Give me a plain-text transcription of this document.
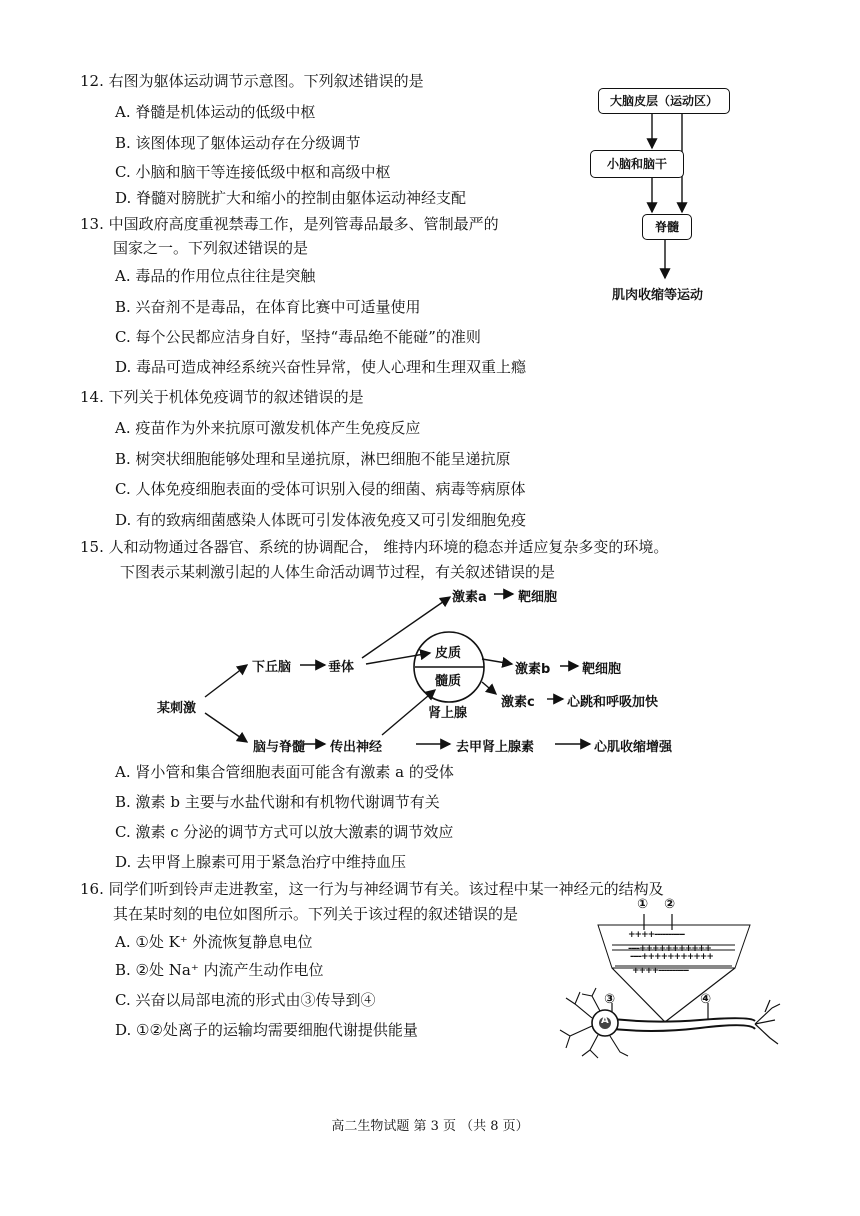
12. 右图为躯体运动调节示意图。下列叙述错误的是
A. 脊髓是机体运动的低级中枢
B. 该图体现了躯体运动存在分级调节
C. 小脑和脑干等连接低级中枢和高级中枢
D. 脊髓对膀胱扩大和缩小的控制由躯体运动神经支配
大脑皮层（运动区）
小脑和脑干
脊髓
肌肉收缩等运动
13. 中国政府高度重视禁毒工作，是列管毒品最多、管制最严的
国家之一。下列叙述错误的是
A. 毒品的作用位点往往是突触
B. 兴奋剂不是毒品，在体育比赛中可适量使用
C. 每个公民都应洁身自好，坚持“毒品绝不能碰”的准则
D. 毒品可造成神经系统兴奋性异常，使人心理和生理双重上瘾
14. 下列关于机体免疫调节的叙述错误的是
A. 疫苗作为外来抗原可激发机体产生免疫反应
B. 树突状细胞能够处理和呈递抗原，淋巴细胞不能呈递抗原
C. 人体免疫细胞表面的受体可识别入侵的细菌、病毒等病原体
D. 有的致病细菌感染人体既可引发体液免疫又可引发细胞免疫
15. 人和动物通过各器官、系统的协调配合， 维持内环境的稳态并适应复杂多变的环境。
下图表示某刺激引起的人体生命活动调节过程，有关叙述错误的是
某刺激
下丘脑	垂体
皮质
髓质
肾上腺
激素a 靶细胞
激素b 靶细胞
激素c 心跳和呼吸加快
脑与脊髓 传出神经	去甲肾上腺素	心肌收缩增强
A. 肾小管和集合管细胞表面可能含有激素 a 的受体
B. 激素 b 主要与水盐代谢和有机物代谢调节有关
C. 激素 c 分泌的调节方式可以放大激素的调节效应
D. 去甲肾上腺素可用于紧急治疗中维持血压
16. 同学们听到铃声走进教室，这一行为与神经调节有关。该过程中某一神经元的结构及
其在某时刻的电位如图所示。下列关于该过程的叙述错误的是
A. ①处 K⁺ 外流恢复静息电位
B. ②处 Na⁺ 内流产生动作电位
C. 兴奋以局部电流的形式由③传导到④
D. ①②处离子的运输均需要细胞代谢提供能量
① ②
③	④
A
++++-----------
----+++++++++++
----+++++++++++
++++-----------
高二生物试题 第 3 页 （共 8 页）
